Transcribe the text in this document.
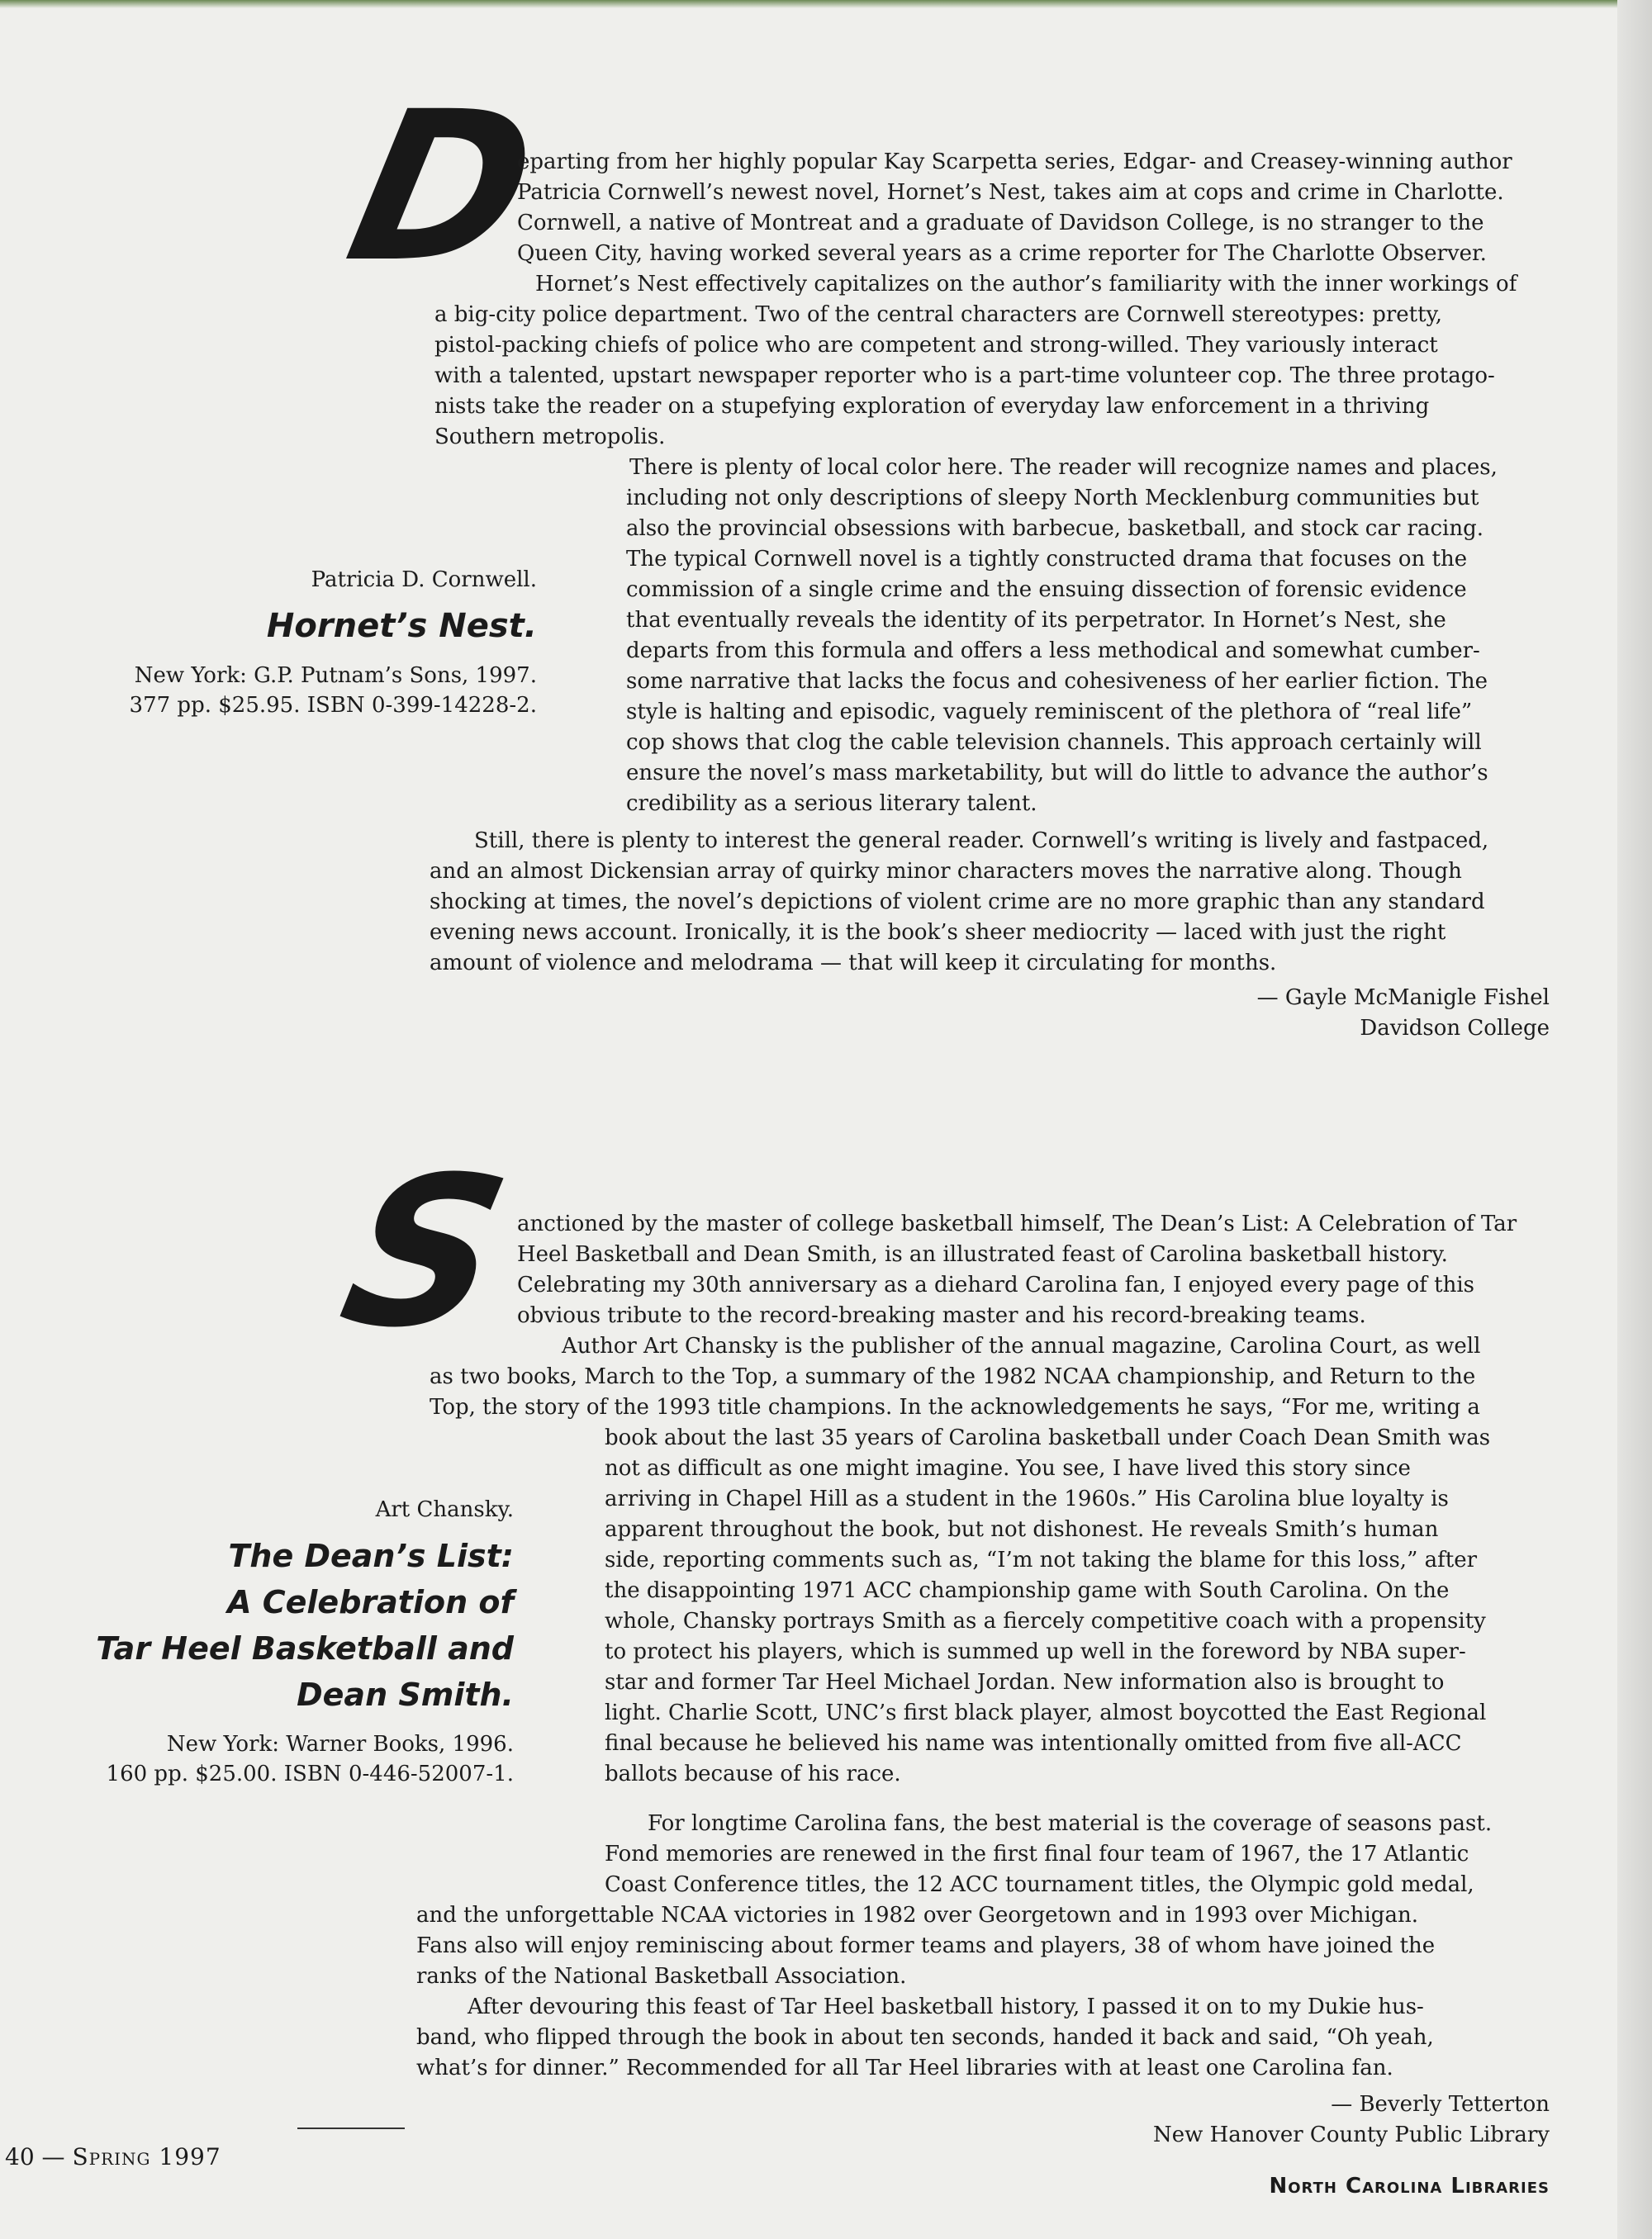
D
eparting from her highly popular Kay Scarpetta series, Edgar- and Creasey-winning author
Patricia Cornwell’s newest novel, Hornet’s Nest, takes aim at cops and crime in Charlotte.
Cornwell, a native of Montreat and a graduate of Davidson College, is no stranger to the
Queen City, having worked several years as a crime reporter for The Charlotte Observer.
Hornet’s Nest effectively capitalizes on the author’s familiarity with the inner workings of
a big-city police department. Two of the central characters are Cornwell stereotypes: pretty,
pistol-packing chiefs of police who are competent and strong-willed. They variously interact
with a talented, upstart newspaper reporter who is a part-time volunteer cop. The three protago-
nists take the reader on a stupefying exploration of everyday law enforcement in a thriving
Southern metropolis.
There is plenty of local color here. The reader will recognize names and places,
including not only descriptions of sleepy North Mecklenburg communities but
also the provincial obsessions with barbecue, basketball, and stock car racing.
The typical Cornwell novel is a tightly constructed drama that focuses on the
commission of a single crime and the ensuing dissection of forensic evidence
that eventually reveals the identity of its perpetrator. In Hornet’s Nest, she
departs from this formula and offers a less methodical and somewhat cumber-
some narrative that lacks the focus and cohesiveness of her earlier fiction. The
style is halting and episodic, vaguely reminiscent of the plethora of “real life”
cop shows that clog the cable television channels. This approach certainly will
ensure the novel’s mass marketability, but will do little to advance the author’s
credibility as a serious literary talent.
Still, there is plenty to interest the general reader. Cornwell’s writing is lively and fastpaced,
and an almost Dickensian array of quirky minor characters moves the narrative along. Though
shocking at times, the novel’s depictions of violent crime are no more graphic than any standard
evening news account. Ironically, it is the book’s sheer mediocrity — laced with just the right
amount of violence and melodrama — that will keep it circulating for months.
— Gayle McManigle Fishel
Davidson College
Patricia D. Cornwell.
Hornet’s Nest.
New York: G.P. Putnam’s Sons, 1997.
377 pp. $25.95. ISBN 0-399-14228-2.
S
anctioned by the master of college basketball himself, The Dean’s List: A Celebration of Tar
Heel Basketball and Dean Smith, is an illustrated feast of Carolina basketball history.
Celebrating my 30th anniversary as a diehard Carolina fan, I enjoyed every page of this
obvious tribute to the record-breaking master and his record-breaking teams.
Author Art Chansky is the publisher of the annual magazine, Carolina Court, as well
as two books, March to the Top, a summary of the 1982 NCAA championship, and Return to the
Top, the story of the 1993 title champions. In the acknowledgements he says, “For me, writing a
book about the last 35 years of Carolina basketball under Coach Dean Smith was
not as difficult as one might imagine. You see, I have lived this story since
arriving in Chapel Hill as a student in the 1960s.” His Carolina blue loyalty is
apparent throughout the book, but not dishonest. He reveals Smith’s human
side, reporting comments such as, “I’m not taking the blame for this loss,” after
the disappointing 1971 ACC championship game with South Carolina. On the
whole, Chansky portrays Smith as a fiercely competitive coach with a propensity
to protect his players, which is summed up well in the foreword by NBA super-
star and former Tar Heel Michael Jordan. New information also is brought to
light. Charlie Scott, UNC’s first black player, almost boycotted the East Regional
final because he believed his name was intentionally omitted from five all-ACC
ballots because of his race.
For longtime Carolina fans, the best material is the coverage of seasons past.
Fond memories are renewed in the first final four team of 1967, the 17 Atlantic
Coast Conference titles, the 12 ACC tournament titles, the Olympic gold medal,
and the unforgettable NCAA victories in 1982 over Georgetown and in 1993 over Michigan.
Fans also will enjoy reminiscing about former teams and players, 38 of whom have joined the
ranks of the National Basketball Association.
After devouring this feast of Tar Heel basketball history, I passed it on to my Dukie hus-
band, who flipped through the book in about ten seconds, handed it back and said, “Oh yeah,
what’s for dinner.” Recommended for all Tar Heel libraries with at least one Carolina fan.
— Beverly Tetterton
New Hanover County Public Library
Art Chansky.
The Dean’s List:
A Celebration of
Tar Heel Basketball and
Dean Smith.
New York: Warner Books, 1996.
160 pp. $25.00. ISBN 0-446-52007-1.
40 — Spring 1997
North Carolina Libraries
